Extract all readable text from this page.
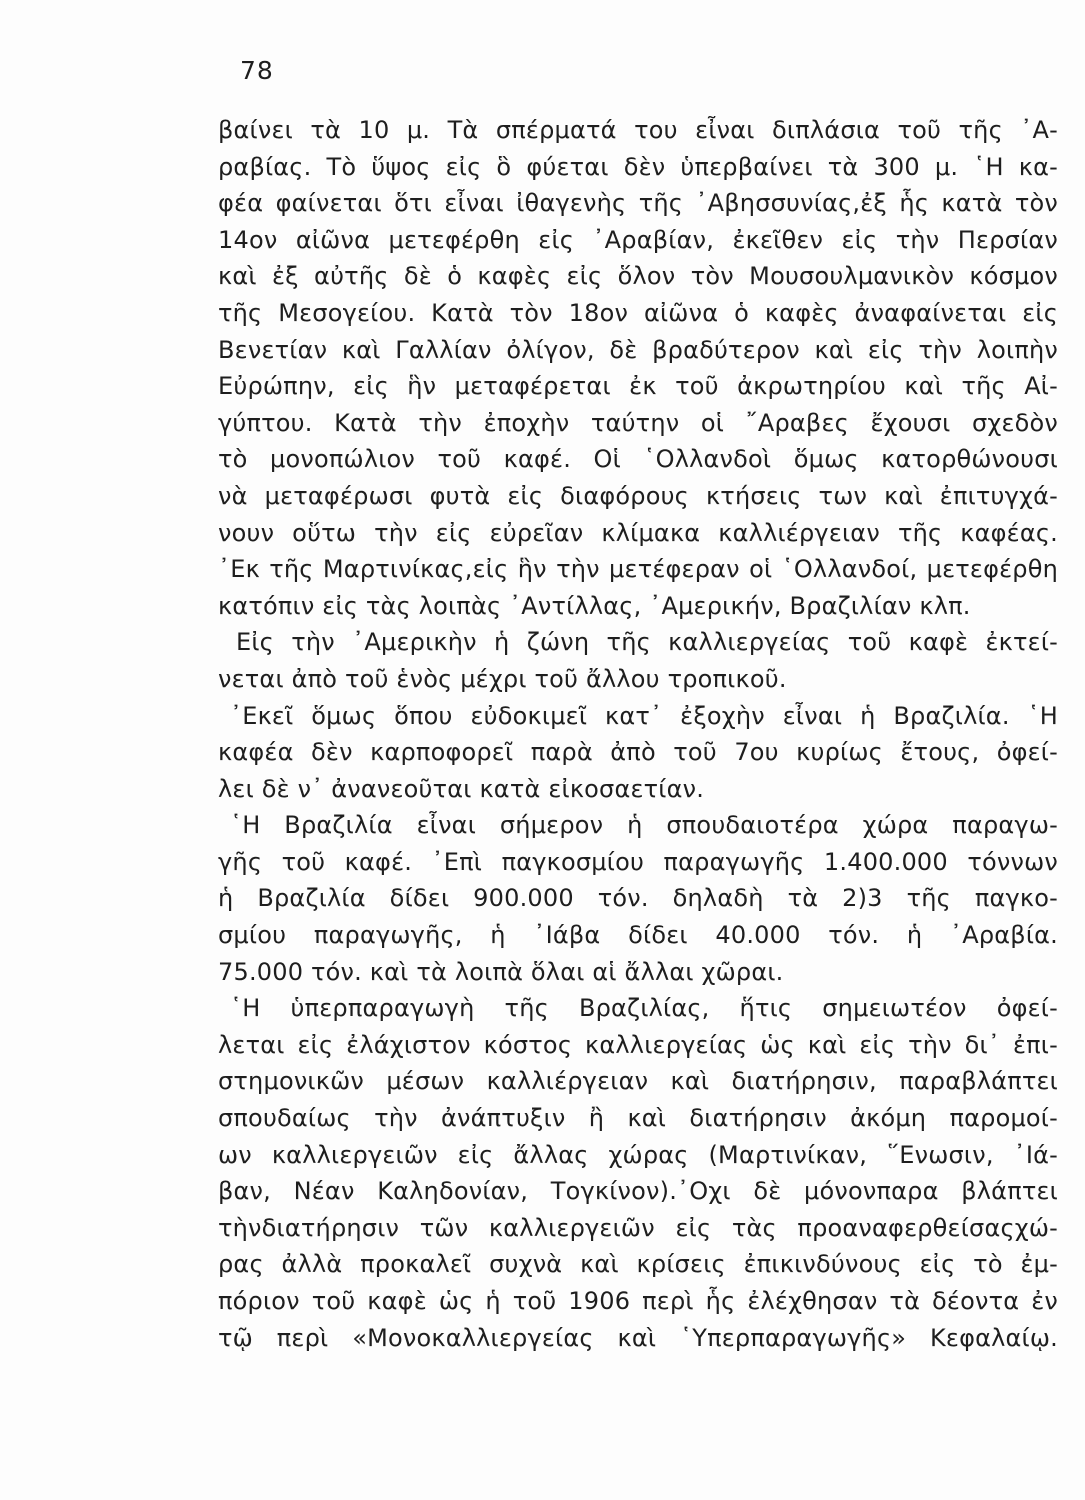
78
βαίνει τὰ 10 μ. Τὰ σπέρματά του εἶναι διπλάσια τοῦ τῆς ᾿Α-
ραβίας. Τὸ ὕψος εἰς ὃ φύεται δὲν ὑπερβαίνει τὰ 300 μ. ῾Η κα-
φέα φαίνεται ὅτι εἶναι ἰθαγενὴς τῆς ᾿Αβησσυνίας,ἐξ ἧς κατὰ τὸν
14ον αἰῶνα μετεφέρθη εἰς ᾿Αραβίαν, ἐκεῖθεν εἰς τὴν Περσίαν
καὶ ἐξ αὐτῆς δὲ ὁ καφὲς εἰς ὅλον τὸν Μουσουλμανικὸν κόσμον
τῆς Μεσογείου. Κατὰ τὸν 18ον αἰῶνα ὁ καφὲς ἀναφαίνεται εἰς
Βενετίαν καὶ Γαλλίαν ὀλίγον, δὲ βραδύτερον καὶ εἰς τὴν λοιπὴν
Εὐρώπην, εἰς ἣν μεταφέρεται ἐκ τοῦ ἀκρωτηρίου καὶ τῆς Αἰ-
γύπτου. Κατὰ τὴν ἐποχὴν ταύτην οἱ ῎Αραβες ἔχουσι σχεδὸν
τὸ μονοπώλιον τοῦ καφέ. Οἱ ῾Ολλανδοὶ ὅμως κατορθώνουσι
νὰ μεταφέρωσι φυτὰ εἰς διαφόρους κτήσεις των καὶ ἐπιτυγχά-
νουν οὕτω τὴν εἰς εὐρεῖαν κλίμακα καλλιέργειαν τῆς καφέας.
᾿Εκ τῆς Μαρτινίκας,εἰς ἣν τὴν μετέφεραν οἱ ῾Ολλανδοί, μετεφέρθη
κατόπιν εἰς τὰς λοιπὰς ᾿Αντίλλας, ᾿Αμερικήν, Βραζιλίαν κλπ.
Εἰς τὴν ᾿Αμερικὴν ἡ ζώνη τῆς καλλιεργείας τοῦ καφὲ ἐκτεί-
νεται ἀπὸ τοῦ ἑνὸς μέχρι τοῦ ἄλλου τροπικοῦ.
᾿Εκεῖ ὅμως ὅπου εὐδοκιμεῖ κατ᾿ ἐξοχὴν εἶναι ἡ Βραζιλία. ῾Η
καφέα δὲν καρποφορεῖ παρὰ ἀπὸ τοῦ 7ου κυρίως ἔτους, ὀφεί-
λει δὲ ν᾿ ἀνανεοῦται κατὰ εἰκοσαετίαν.
῾Η Βραζιλία εἶναι σήμερον ἡ σπουδαιοτέρα χώρα παραγω-
γῆς τοῦ καφέ. ᾿Επὶ παγκοσμίου παραγωγῆς 1.400.000 τόννων
ἡ Βραζιλία δίδει 900.000 τόν. δηλαδὴ τὰ 2)3 τῆς παγκο-
σμίου παραγωγῆς, ἡ ᾿Ιάβα δίδει 40.000 τόν. ἡ ᾿Αραβία.
75.000 τόν. καὶ τὰ λοιπὰ ὅλαι αἱ ἄλλαι χῶραι.
῾Η ὑπερπαραγωγὴ τῆς Βραζιλίας, ἥτις σημειωτέον ὀφεί-
λεται εἰς ἐλάχιστον κόστος καλλιεργείας ὡς καὶ εἰς τὴν δι᾿ ἐπι-
στημονικῶν μέσων καλλιέργειαν καὶ διατήρησιν, παραβλάπτει
σπουδαίως τὴν ἀνάπτυξιν ἢ καὶ διατήρησιν ἀκόμη παρομοί-
ων καλλιεργειῶν εἰς ἄλλας χώρας (Μαρτινίκαν, ῞Ενωσιν, ᾿Ιά-
βαν, Νέαν Καληδονίαν, Τογκίνον).᾿Οχι δὲ μόνονπαρα βλάπτει
τὴνδιατήρησιν τῶν καλλιεργειῶν εἰς τὰς προαναφερθείσαςχώ-
ρας ἀλλὰ προκαλεῖ συχνὰ καὶ κρίσεις ἐπικινδύνους εἰς τὸ ἐμ-
πόριον τοῦ καφὲ ὡς ἡ τοῦ 1906 περὶ ἧς ἐλέχθησαν τὰ δέοντα ἐν
τῷ περὶ «Μονοκαλλιεργείας καὶ ῾Υπερπαραγωγῆς» Κεφαλαίῳ.
